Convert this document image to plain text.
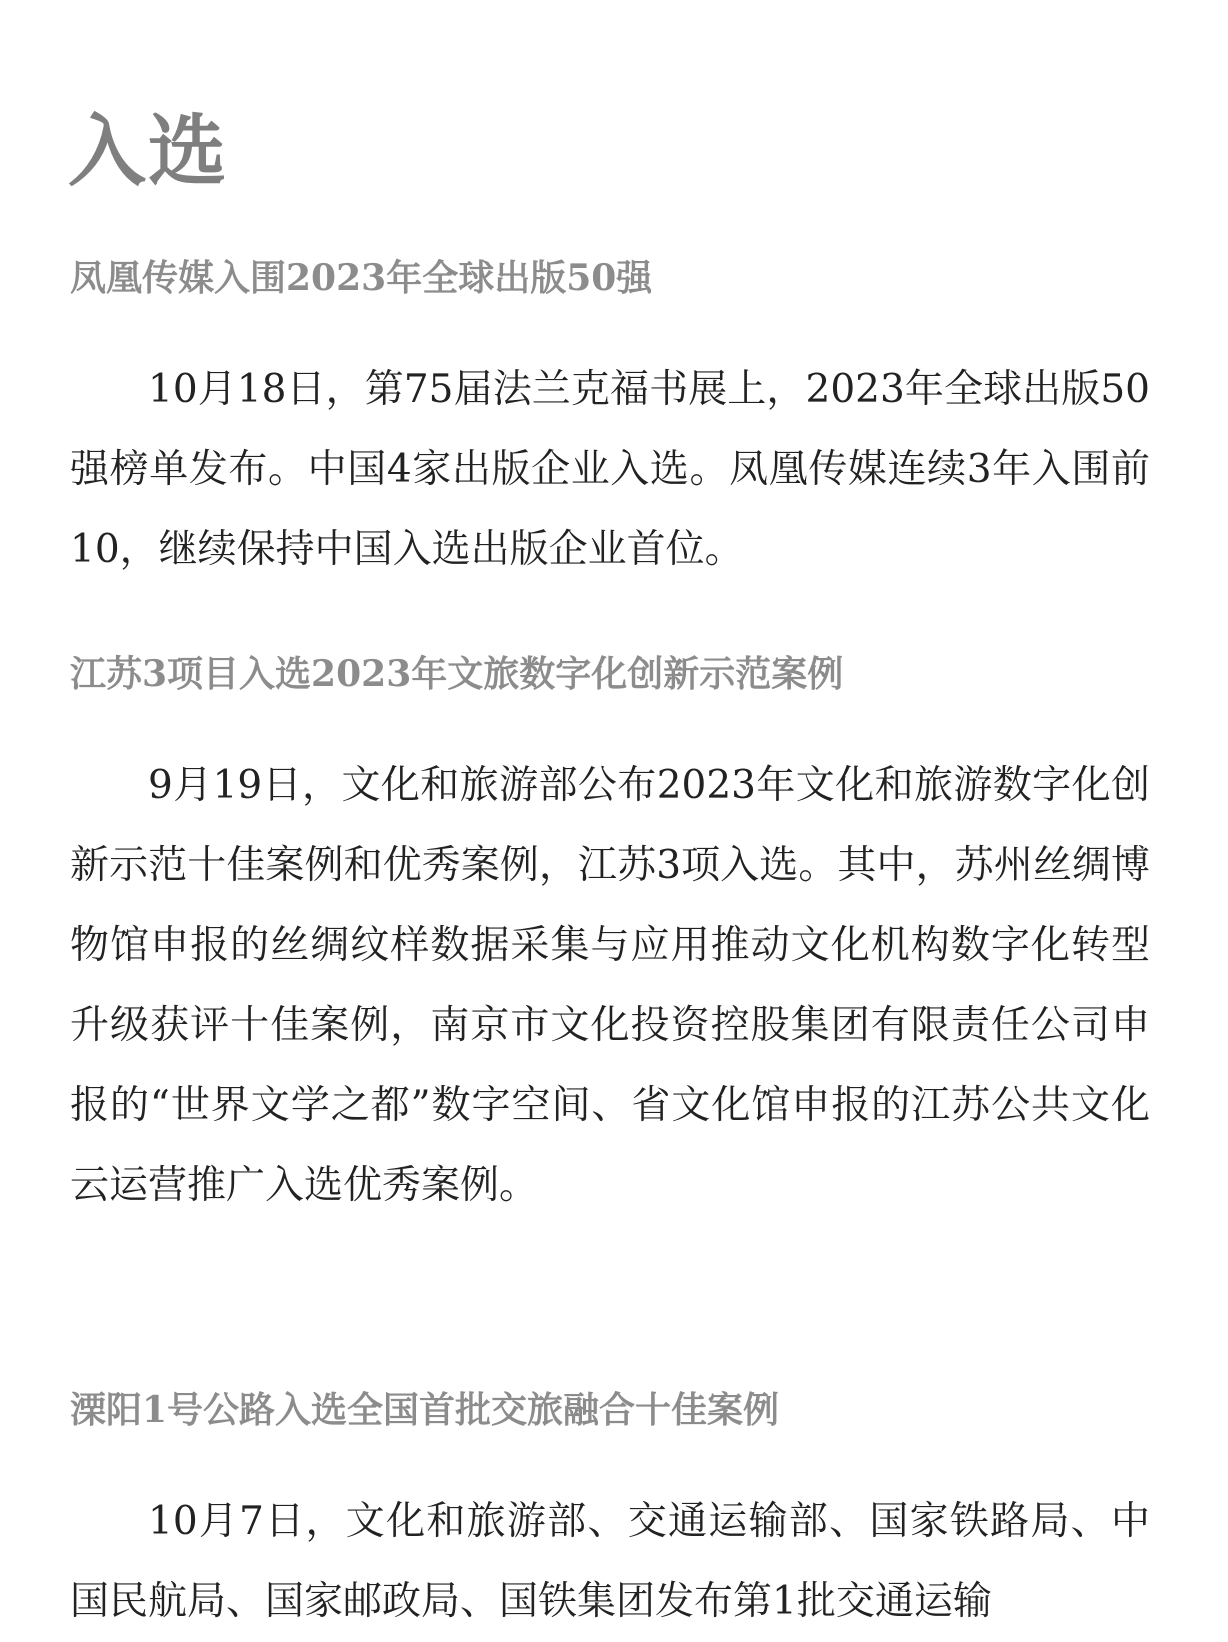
入选
凤凰传媒入围2023年全球出版50强

10月18日，第75届法兰克福书展上，2023年全球出版50强榜单发布。中国4家出版企业入选。凤凰传媒连续3年入围前10，继续保持中国入选出版企业首位。

江苏3项目入选2023年文旅数字化创新示范案例

9月19日，文化和旅游部公布2023年文化和旅游数字化创新示范十佳案例和优秀案例，江苏3项入选。其中，苏州丝绸博物馆申报的丝绸纹样数据采集与应用推动文化机构数字化转型升级获评十佳案例，南京市文化投资控股集团有限责任公司申报的“世界文学之都”数字空间、省文化馆申报的江苏公共文化云运营推广入选优秀案例。

溧阳1号公路入选全国首批交旅融合十佳案例

10月7日，文化和旅游部、交通运输部、国家铁路局、中国民航局、国家邮政局、国铁集团发布第1批交通运输
